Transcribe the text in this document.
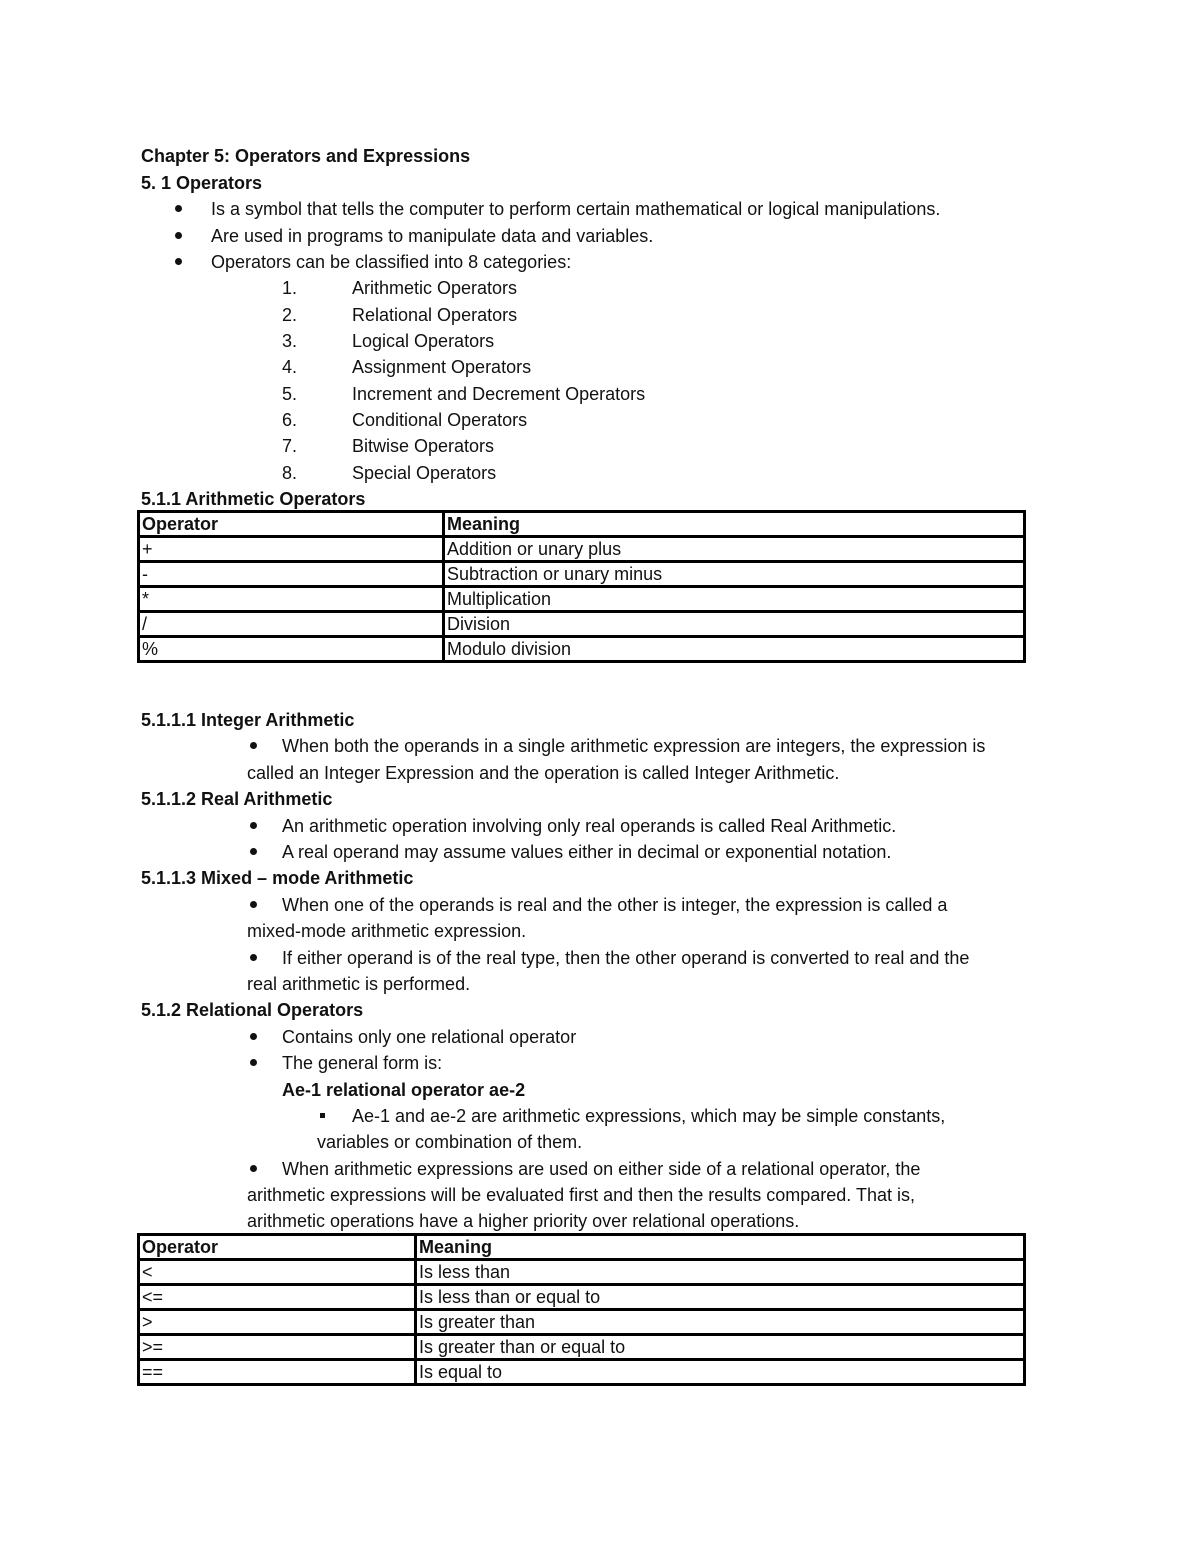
Chapter 5: Operators and Expressions
5. 1 Operators
Is a symbol that tells the computer to perform certain mathematical or logical manipulations.
Are used in programs to manipulate data and variables.
Operators can be classified into 8 categories:
1.	Arithmetic Operators
2.	Relational Operators
3.	Logical Operators
4.	Assignment Operators
5.	Increment and Decrement Operators
6.	Conditional Operators
7.	Bitwise Operators
8.	Special Operators
5.1.1 Arithmetic Operators
Operator	Meaning
+	Addition or unary plus
-	Subtraction or unary minus
*	Multiplication
/	Division
%	Modulo division
5.1.1.1 Integer Arithmetic
When both the operands in a single arithmetic expression are integers, the expression is
called an Integer Expression and the operation is called Integer Arithmetic.
5.1.1.2 Real Arithmetic
An arithmetic operation involving only real operands is called Real Arithmetic.
A real operand may assume values either in decimal or exponential notation.
5.1.1.3 Mixed – mode Arithmetic
When one of the operands is real and the other is integer, the expression is called a
mixed-mode arithmetic expression.
If either operand is of the real type, then the other operand is converted to real and the
real arithmetic is performed.
5.1.2 Relational Operators
Contains only one relational operator
The general form is:
Ae-1 relational operator ae-2
Ae-1 and ae-2 are arithmetic expressions, which may be simple constants,
variables or combination of them.
When arithmetic expressions are used on either side of a relational operator, the
arithmetic expressions will be evaluated first and then the results compared. That is,
arithmetic operations have a higher priority over relational operations.
Operator	Meaning
<	Is less than
<=	Is less than or equal to
>	Is greater than
>=	Is greater than or equal to
==	Is equal to
